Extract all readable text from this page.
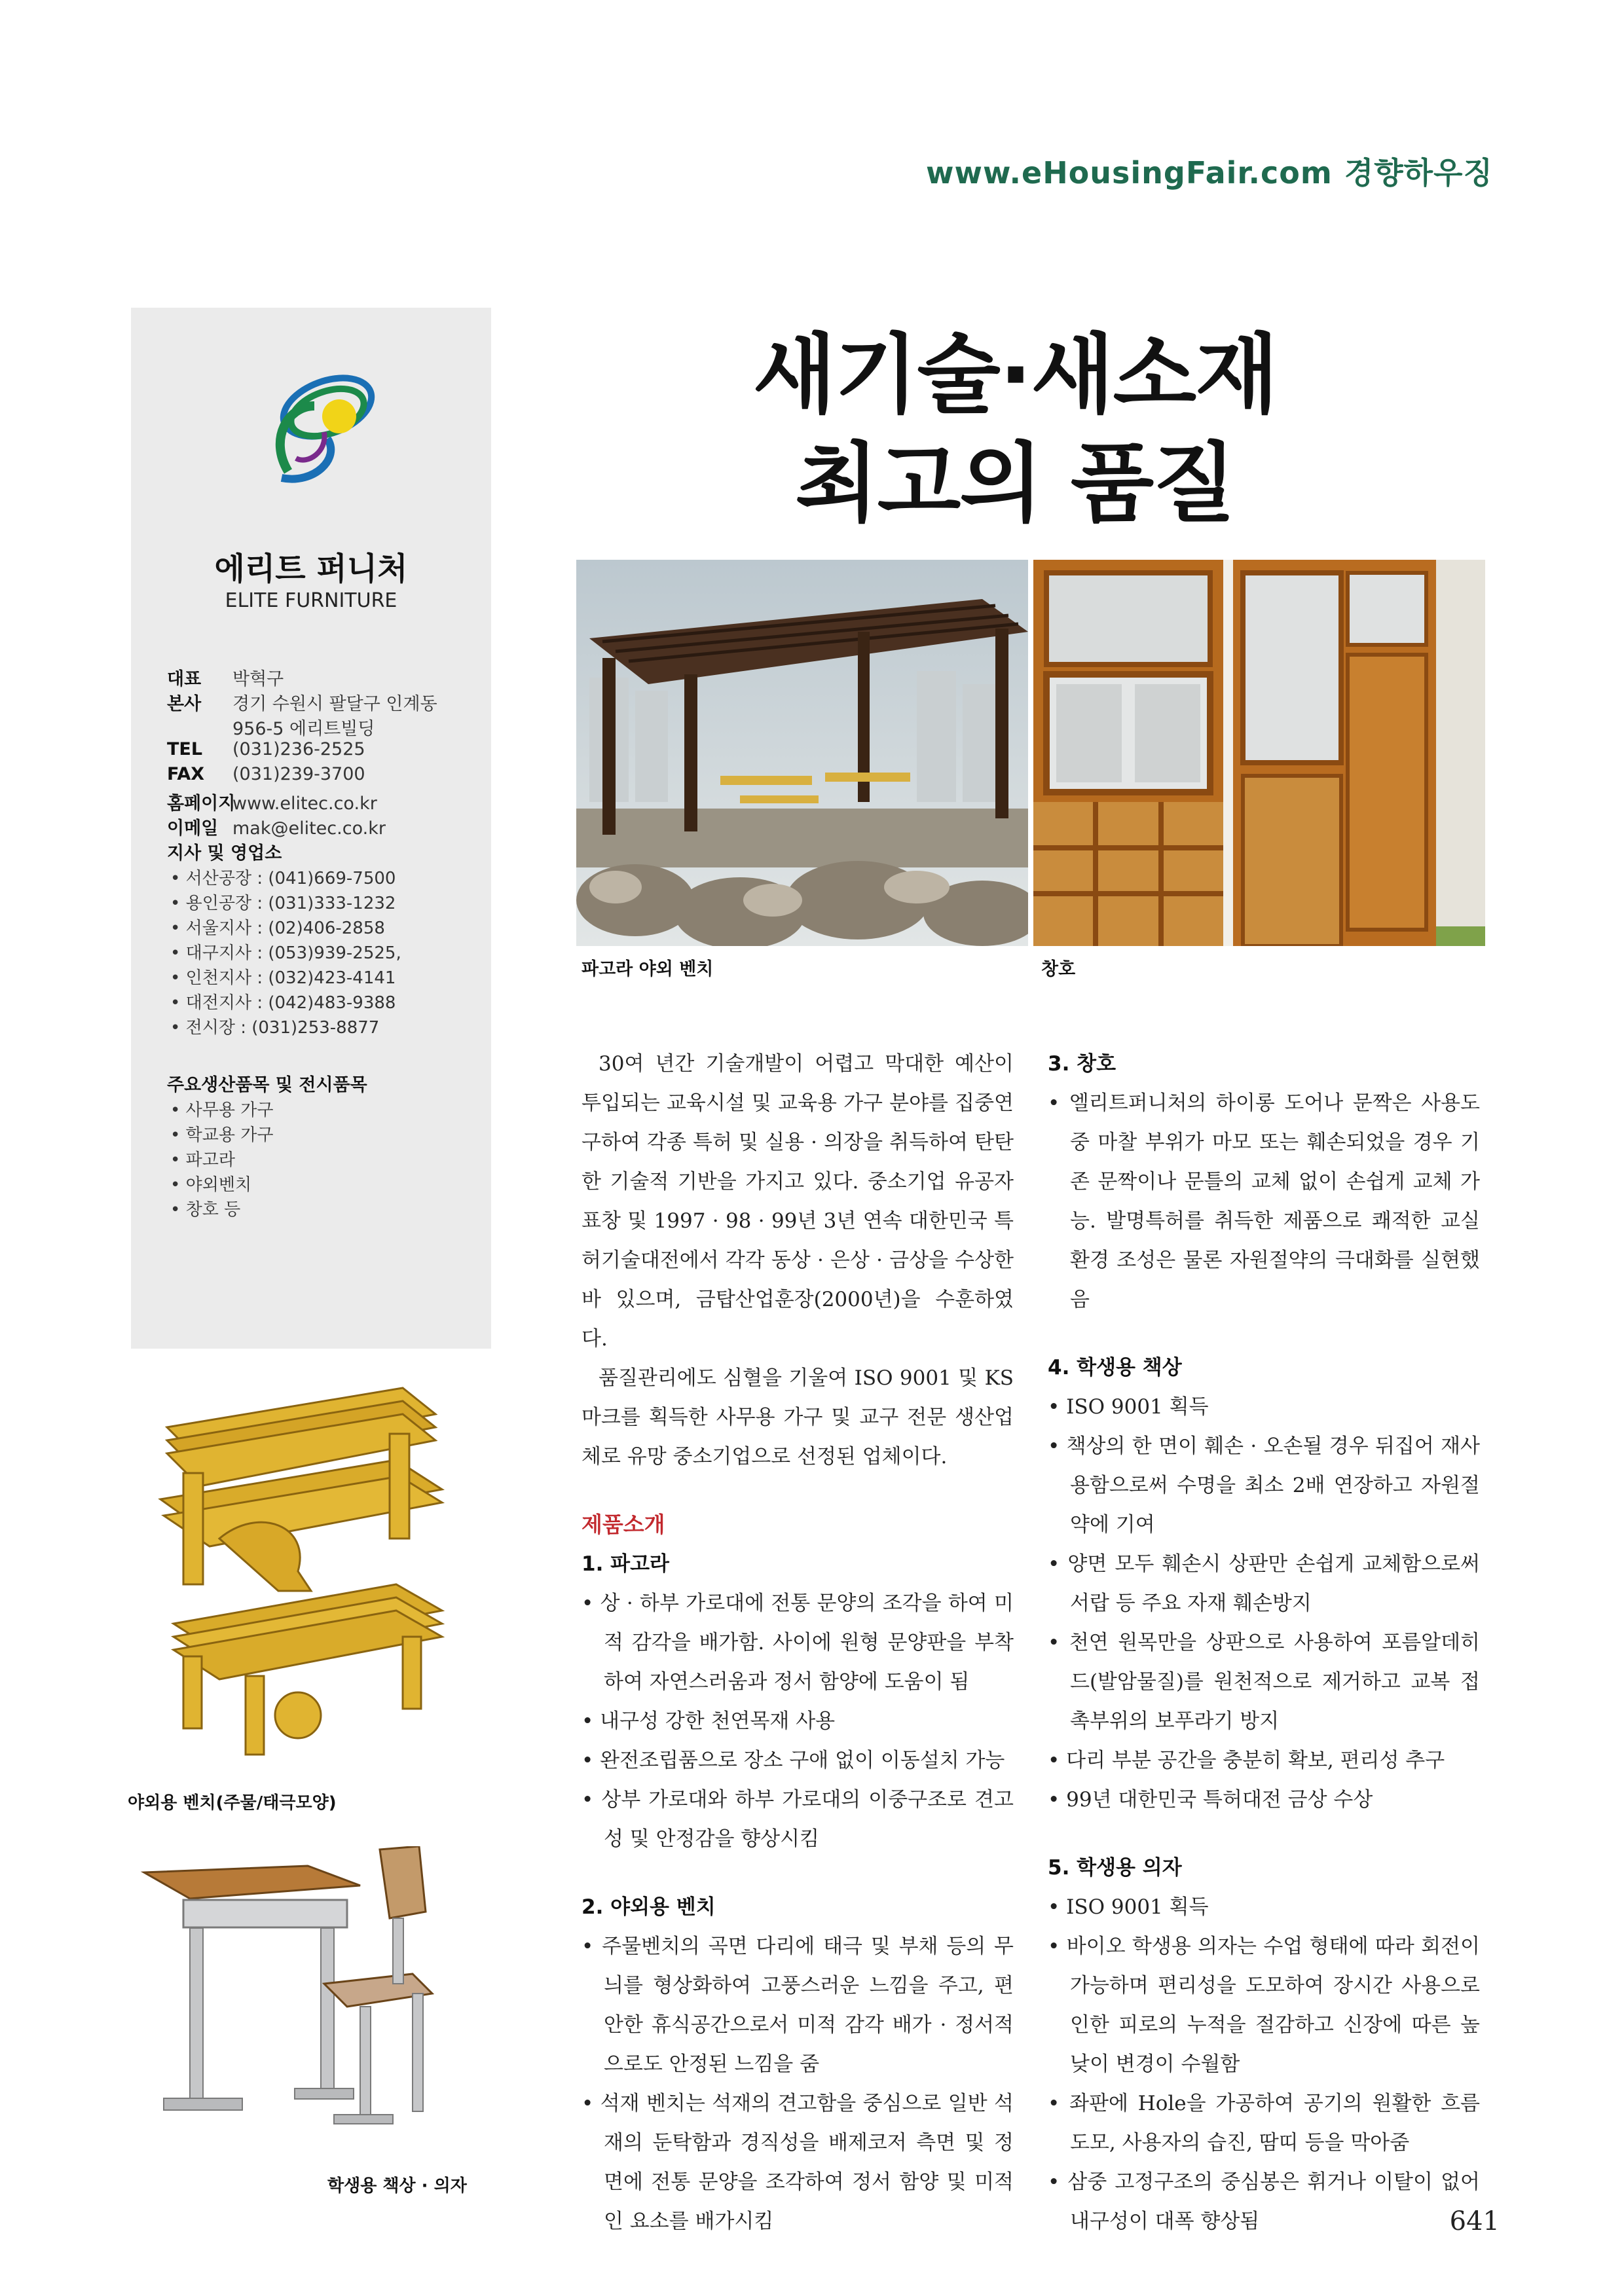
www.eHousingFair.com 경향하우징
에리트 퍼니처
ELITE FURNITURE
대표 박혁구
본사 경기 수원시 팔달구 인계동
956-5 에리트빌딩
TEL (031)236-2525
FAX (031)239-3700
홈페이지www.elitec.co.kr
이메일 mak@elitec.co.kr
지사 및 영업소
• 서산공장 : (041)669-7500
• 용인공장 : (031)333-1232
• 서울지사 : (02)406-2858
• 대구지사 : (053)939-2525,
• 인천지사 : (032)423-4141
• 대전지사 : (042)483-9388
• 전시장 : (031)253-8877
주요생산품목 및 전시품목
• 사무용 가구
• 학교용 가구
• 파고라
• 야외벤치
• 창호 등
새기술·새소재
최고의 품질
파고라 야외 벤치	창호

30여 년간 기술개발이 어렵고 막대한 예산이 투입되는 교육시설 및 교육용 가구 분야를 집중연구하여 각종 특허 및 실용 · 의장을 취득하여 탄탄한 기술적 기반을 가지고 있다. 중소기업 유공자 표창 및 1997 · 98 · 99년 3년 연속 대한민국 특허기술대전에서 각각 동상 · 은상 · 금상을 수상한 바 있으며, 금탑산업훈장(2000년)을 수훈하였다.

품질관리에도 심혈을 기울여 ISO 9001 및 KS 마크를 획득한 사무용 가구 및 교구 전문 생산업체로 유망 중소기업으로 선정된 업체이다.

제품소개
1. 파고라
• 상 · 하부 가로대에 전통 문양의 조각을 하여 미적 감각을 배가함. 사이에 원형 문양판을 부착하여 자연스러움과 정서 함양에 도움이 됨
• 내구성 강한 천연목재 사용
• 완전조립품으로 장소 구애 없이 이동설치 가능
• 상부 가로대와 하부 가로대의 이중구조로 견고성 및 안정감을 향상시킴
2. 야외용 벤치
• 주물벤치의 곡면 다리에 태극 및 부채 등의 무늬를 형상화하여 고풍스러운 느낌을 주고, 편안한 휴식공간으로서 미적 감각 배가 · 정서적으로도 안정된 느낌을 줌
• 석재 벤치는 석재의 견고함을 중심으로 일반 석재의 둔탁함과 경직성을 배제코저 측면 및 정면에 전통 문양을 조각하여 정서 함양 및 미적인 요소를 배가시킴
3. 창호
• 엘리트퍼니처의 하이롱 도어나 문짝은 사용도중 마찰 부위가 마모 또는 훼손되었을 경우 기존 문짝이나 문틀의 교체 없이 손쉽게 교체 가능. 발명특허를 취득한 제품으로 쾌적한 교실환경 조성은 물론 자원절약의 극대화를 실현했음
4. 학생용 책상
• ISO 9001 획득
• 책상의 한 면이 훼손 · 오손될 경우 뒤집어 재사용함으로써 수명을 최소 2배 연장하고 자원절약에 기여
• 양면 모두 훼손시 상판만 손쉽게 교체함으로써 서랍 등 주요 자재 훼손방지
• 천연 원목만을 상판으로 사용하여 포름알데히드(발암물질)를 원천적으로 제거하고 교복 접촉부위의 보푸라기 방지
• 다리 부분 공간을 충분히 확보, 편리성 추구
• 99년 대한민국 특허대전 금상 수상
5. 학생용 의자
• ISO 9001 획득
• 바이오 학생용 의자는 수업 형태에 따라 회전이 가능하며 편리성을 도모하여 장시간 사용으로 인한 피로의 누적을 절감하고 신장에 따른 높낮이 변경이 수월함
• 좌판에 Hole을 가공하여 공기의 원활한 흐름 도모, 사용자의 습진, 땀띠 등을 막아줌
• 삼중 고정구조의 중심봉은 휘거나 이탈이 없어 내구성이 대폭 향상됨
야외용 벤치(주물/태극모양)
학생용 책상 · 의자
641
